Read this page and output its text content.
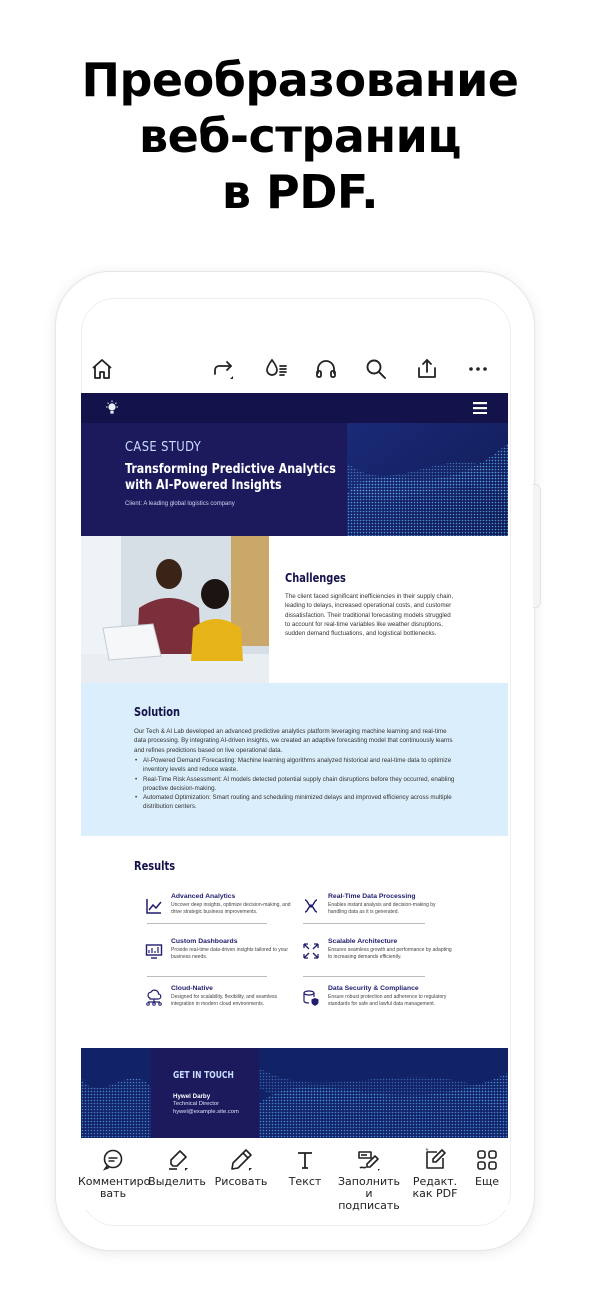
Преобразование
веб-страниц
в PDF.
CASE STUDY
Transforming Predictive Analytics with AI-Powered Insights
Client: A leading global logistics company
Challenges
The client faced significant inefficiencies in their supply chain, leading to delays, increased operational costs, and customer dissatisfaction. Their traditional forecasting models struggled to account for real-time variables like weather disruptions, sudden demand fluctuations, and logistical bottlenecks.
Solution
Our Tech & AI Lab developed an advanced predictive analytics platform leveraging machine learning and real-time data processing. By integrating AI-driven insights, we created an adaptive forecasting model that continuously learns and refines predictions based on live operational data.
• AI-Powered Demand Forecasting: Machine learning algorithms analyzed historical and real-time data to optimize inventory levels and reduce waste.
• Real-Time Risk Assessment: AI models detected potential supply chain disruptions before they occurred, enabling proactive decision-making.
• Automated Optimization: Smart routing and scheduling minimized delays and improved efficiency across multiple distribution centers.
Results
Advanced Analytics
Uncover deep insights, optimize decision-making, and drive strategic business improvements.
Real-Time Data Processing
Enables instant analysis and decision-making by handling data as it is generated.
Custom Dashboards
Provide real-time data-driven insights tailored to your business needs.
Scalable Architecture
Ensures seamless growth and performance by adapting to increasing demands efficiently.
Cloud-Native
Designed for scalability, flexibility, and seamless integration in modern cloud environments.
Data Security & Compliance
Ensure robust protection and adherence to regulatory standards for safe and lawful data management.
GET IN TOUCH
Hywel Darby
Technical Director
hywel@example.site.com
Комментиро
вать
Выделить Рисовать	Текст	Заполнить
и подписать
Редакт.
как PDF
Еще
